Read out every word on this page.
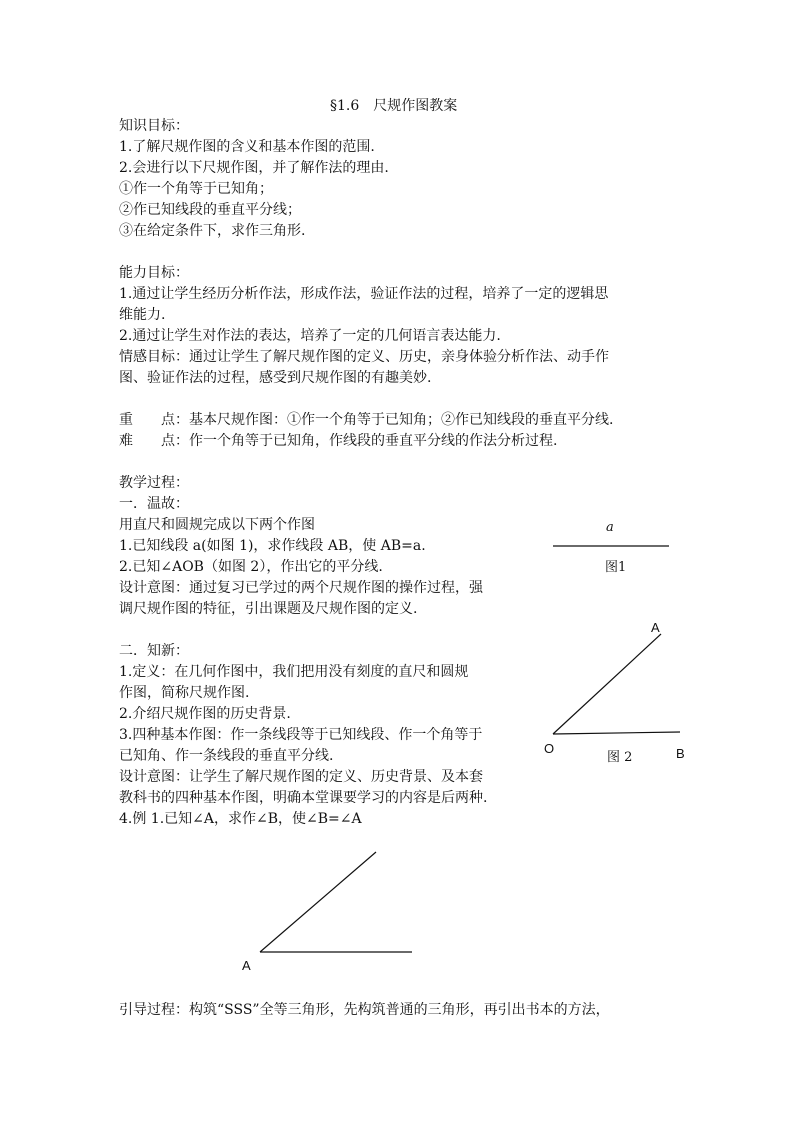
§1.6　尺规作图教案
知识目标：
1.了解尺规作图的含义和基本作图的范围.
2.会进行以下尺规作图，并了解作法的理由.
①作一个角等于已知角；
②作已知线段的垂直平分线；
③在给定条件下，求作三角形.
能力目标：
1.通过让学生经历分析作法，形成作法，验证作法的过程，培养了一定的逻辑思
维能力.
2.通过让学生对作法的表达，培养了一定的几何语言表达能力.
情感目标：通过让学生了解尺规作图的定义、历史，亲身体验分析作法、动手作
图、验证作法的过程，感受到尺规作图的有趣美妙.
重　　点：基本尺规作图：①作一个角等于已知角；②作已知线段的垂直平分线.
难　　点：作一个角等于已知角，作线段的垂直平分线的作法分析过程.
教学过程：
一．温故：
用直尺和圆规完成以下两个作图
1.已知线段 a(如图 1)，求作线段 AB，使 AB=a.
2.已知∠AOB（如图 2），作出它的平分线.
设计意图：通过复习已学过的两个尺规作图的操作过程，强
调尺规作图的特征，引出课题及尺规作图的定义.
二．知新：
1.定义：在几何作图中，我们把用没有刻度的直尺和圆规
作图，简称尺规作图.
2.介绍尺规作图的历史背景.
3.四种基本作图：作一条线段等于已知线段、作一个角等于
已知角、作一条线段的垂直平分线.
设计意图：让学生了解尺规作图的定义、历史背景、及本套
教科书的四种基本作图，明确本堂课要学习的内容是后两种.
4.例 1.已知∠A，求作∠B，使∠B=∠A
引导过程：构筑“SSS”全等三角形，先构筑普通的三角形，再引出书本的方法，
a
图1
A
O	B
图 2
A
